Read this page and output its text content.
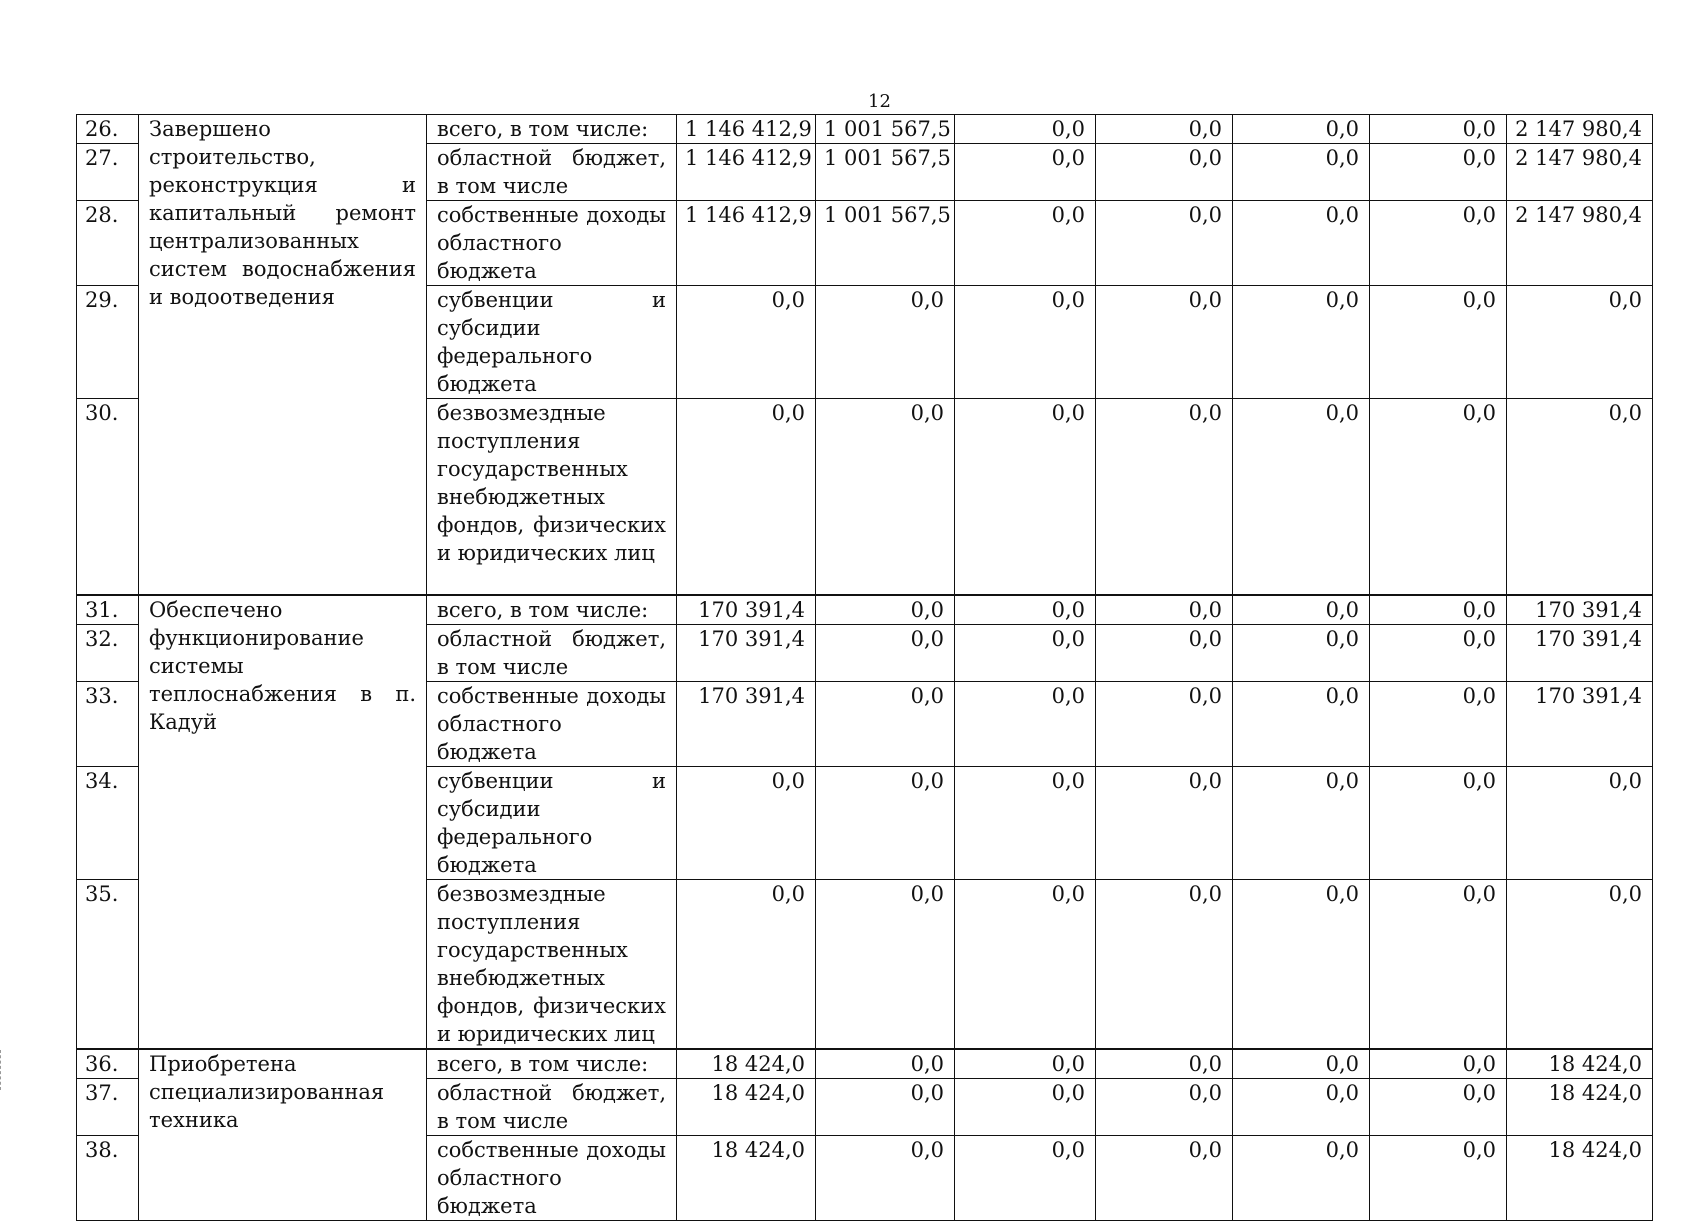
12
26.	Завершено строительство, реконструкция и капитальный ремонт централизованных систем водоснабжения и водоотведения	всего, в том числе:	1 146 412,9	1 001 567,5	0,0	0,0	0,0	0,0	2 147 980,4
27.		областной бюджет, в том числе	1 146 412,9	1 001 567,5	0,0	0,0	0,0	0,0	2 147 980,4
28.		собственные доходы областного бюджета	1 146 412,9	1 001 567,5	0,0	0,0	0,0	0,0	2 147 980,4
29.		субвенции и субсидии федерального бюджета	0,0	0,0	0,0	0,0	0,0	0,0	0,0
30.		безвозмездные поступления государственных внебюджетных фондов, физических и юридических лиц	0,0	0,0	0,0	0,0	0,0	0,0	0,0
31.	Обеспечено функционирование системы теплоснабжения в п. Кадуй	всего, в том числе:	170 391,4	0,0	0,0	0,0	0,0	0,0	170 391,4
32.		областной бюджет, в том числе	170 391,4	0,0	0,0	0,0	0,0	0,0	170 391,4
33.		собственные доходы областного бюджета	170 391,4	0,0	0,0	0,0	0,0	0,0	170 391,4
34.		субвенции и субсидии федерального бюджета	0,0	0,0	0,0	0,0	0,0	0,0	0,0
35.		безвозмездные поступления государственных внебюджетных фондов, физических и юридических лиц	0,0	0,0	0,0	0,0	0,0	0,0	0,0
36.	Приобретена специализированная техника	всего, в том числе:	18 424,0	0,0	0,0	0,0	0,0	0,0	18 424,0
37.		областной бюджет, в том числе	18 424,0	0,0	0,0	0,0	0,0	0,0	18 424,0
38.		собственные доходы областного бюджета	18 424,0	0,0	0,0	0,0	0,0	0,0	18 424,0
